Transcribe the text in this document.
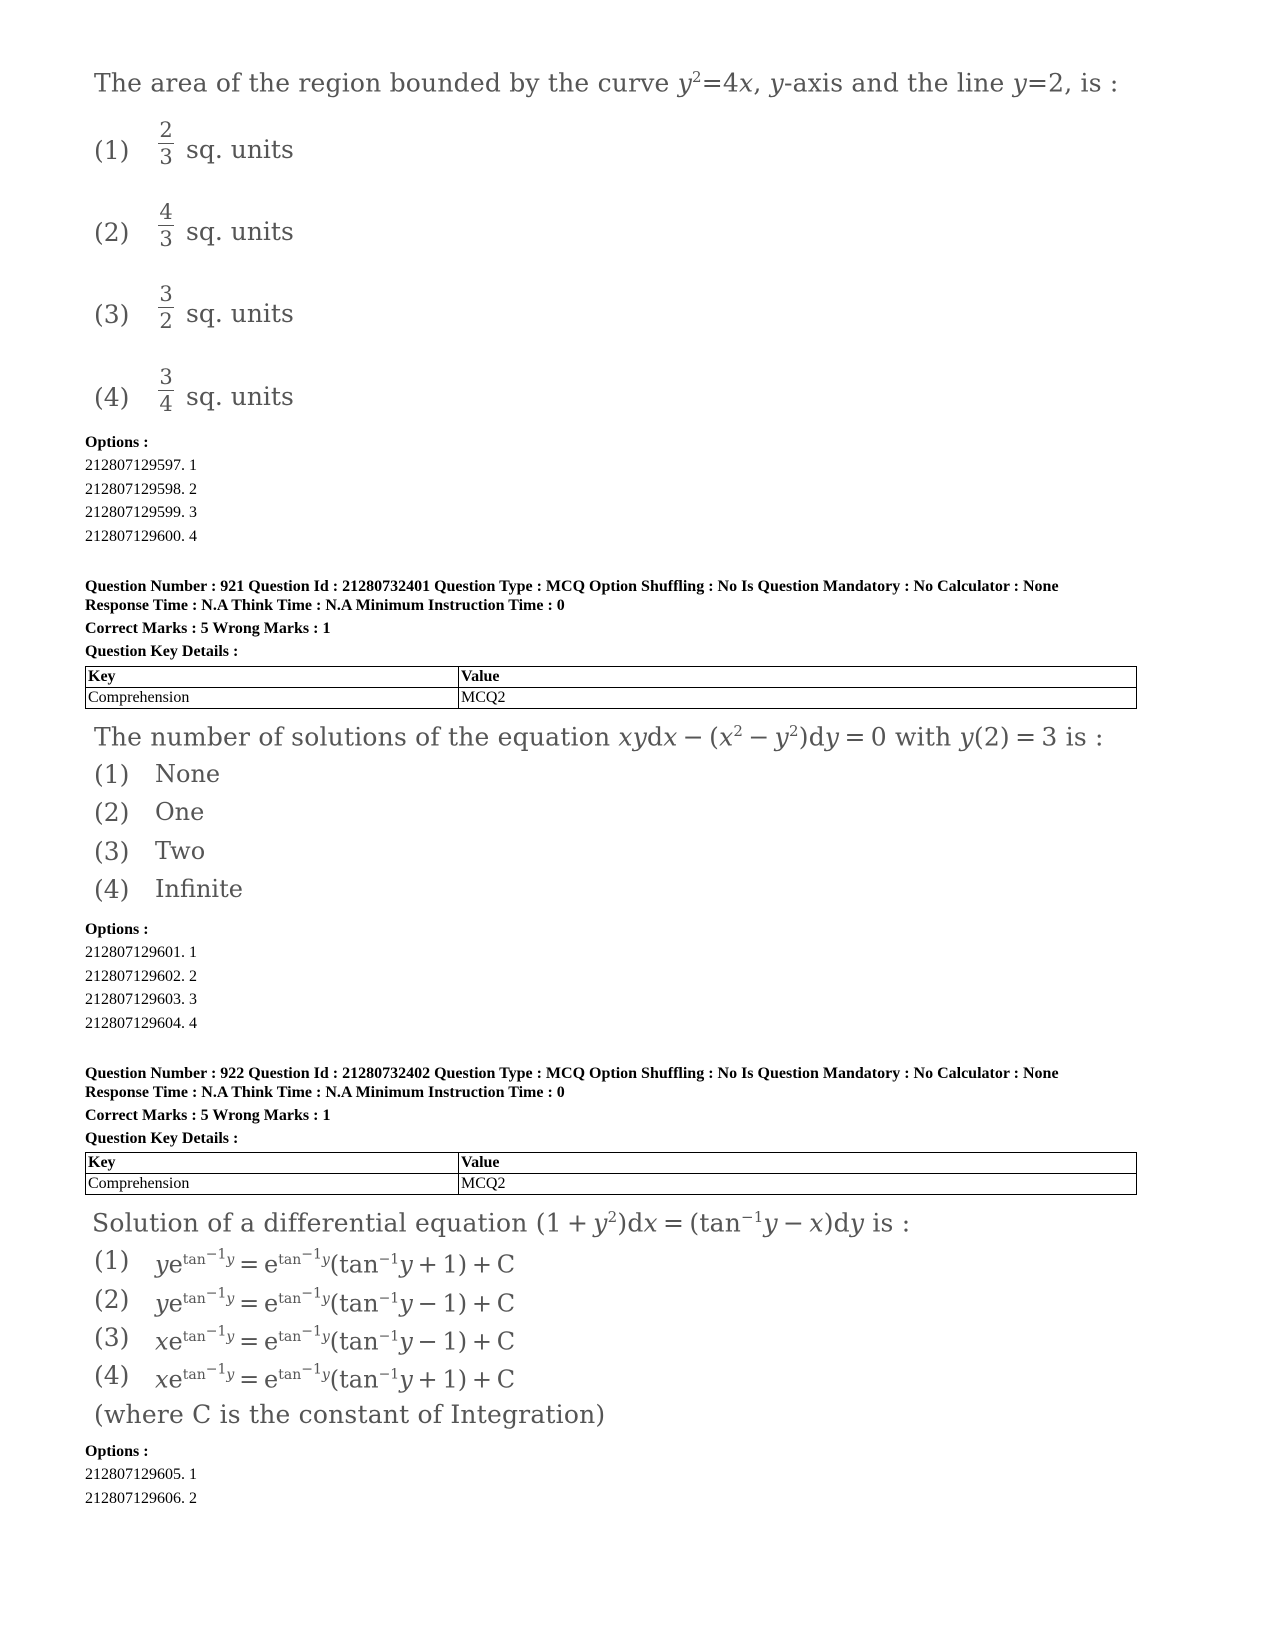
The area of the region bounded by the curve $y^2=4x$, y-axis and the line y=2, is :
(1)
2
3 sq. units
(2)
4
3 sq. units
(3)
3
2 sq. units
(4)
3
4 sq. units
Options :
212807129597. 1
212807129598. 2
212807129599. 3
212807129600. 4
Question Number : 921 Question Id : 21280732401 Question Type : MCQ Option Shuffling : No Is Question Mandatory : No Calculator : None
Response Time : N.A Think Time : N.A Minimum Instruction Time : 0
Correct Marks : 5 Wrong Marks : 1
Question Key Details :
Key	Value
Comprehension	MCQ2
The number of solutions of the equation xydx − $(x^2 - y^2)dy = 0$ with y(2) = 3 is :
(1) None
(2) One
(3) Two
(4) Infinite
Options :
212807129601. 1
212807129602. 2
212807129603. 3
212807129604. 4
Question Number : 922 Question Id : 21280732402 Question Type : MCQ Option Shuffling : No Is Question Mandatory : No Calculator : None
Response Time : N.A Think Time : N.A Minimum Instruction Time : 0
Correct Marks : 5 Wrong Marks : 1
Question Key Details :
Key	Value
Comprehension	MCQ2
Solution of a differential equation $(1 + y^2)dx = (\tan^{-1}y - x)dy$ is :
(1) $ye^{tan^{-1}y} = e^{tan^{-1}y}(\tan^{-1}y + 1) + C$
(2) $ye^{tan^{-1}y} = e^{tan^{-1}y}(\tan^{-1}y - 1) + C$
(3) $xe^{tan^{-1}y} = e^{tan^{-1}y}(\tan^{-1}y - 1) + C$
(4) $xe^{tan^{-1}y} = e^{tan^{-1}y}(\tan^{-1}y + 1) + C$
(where C is the constant of Integration)
Options :
212807129605. 1
212807129606. 2
